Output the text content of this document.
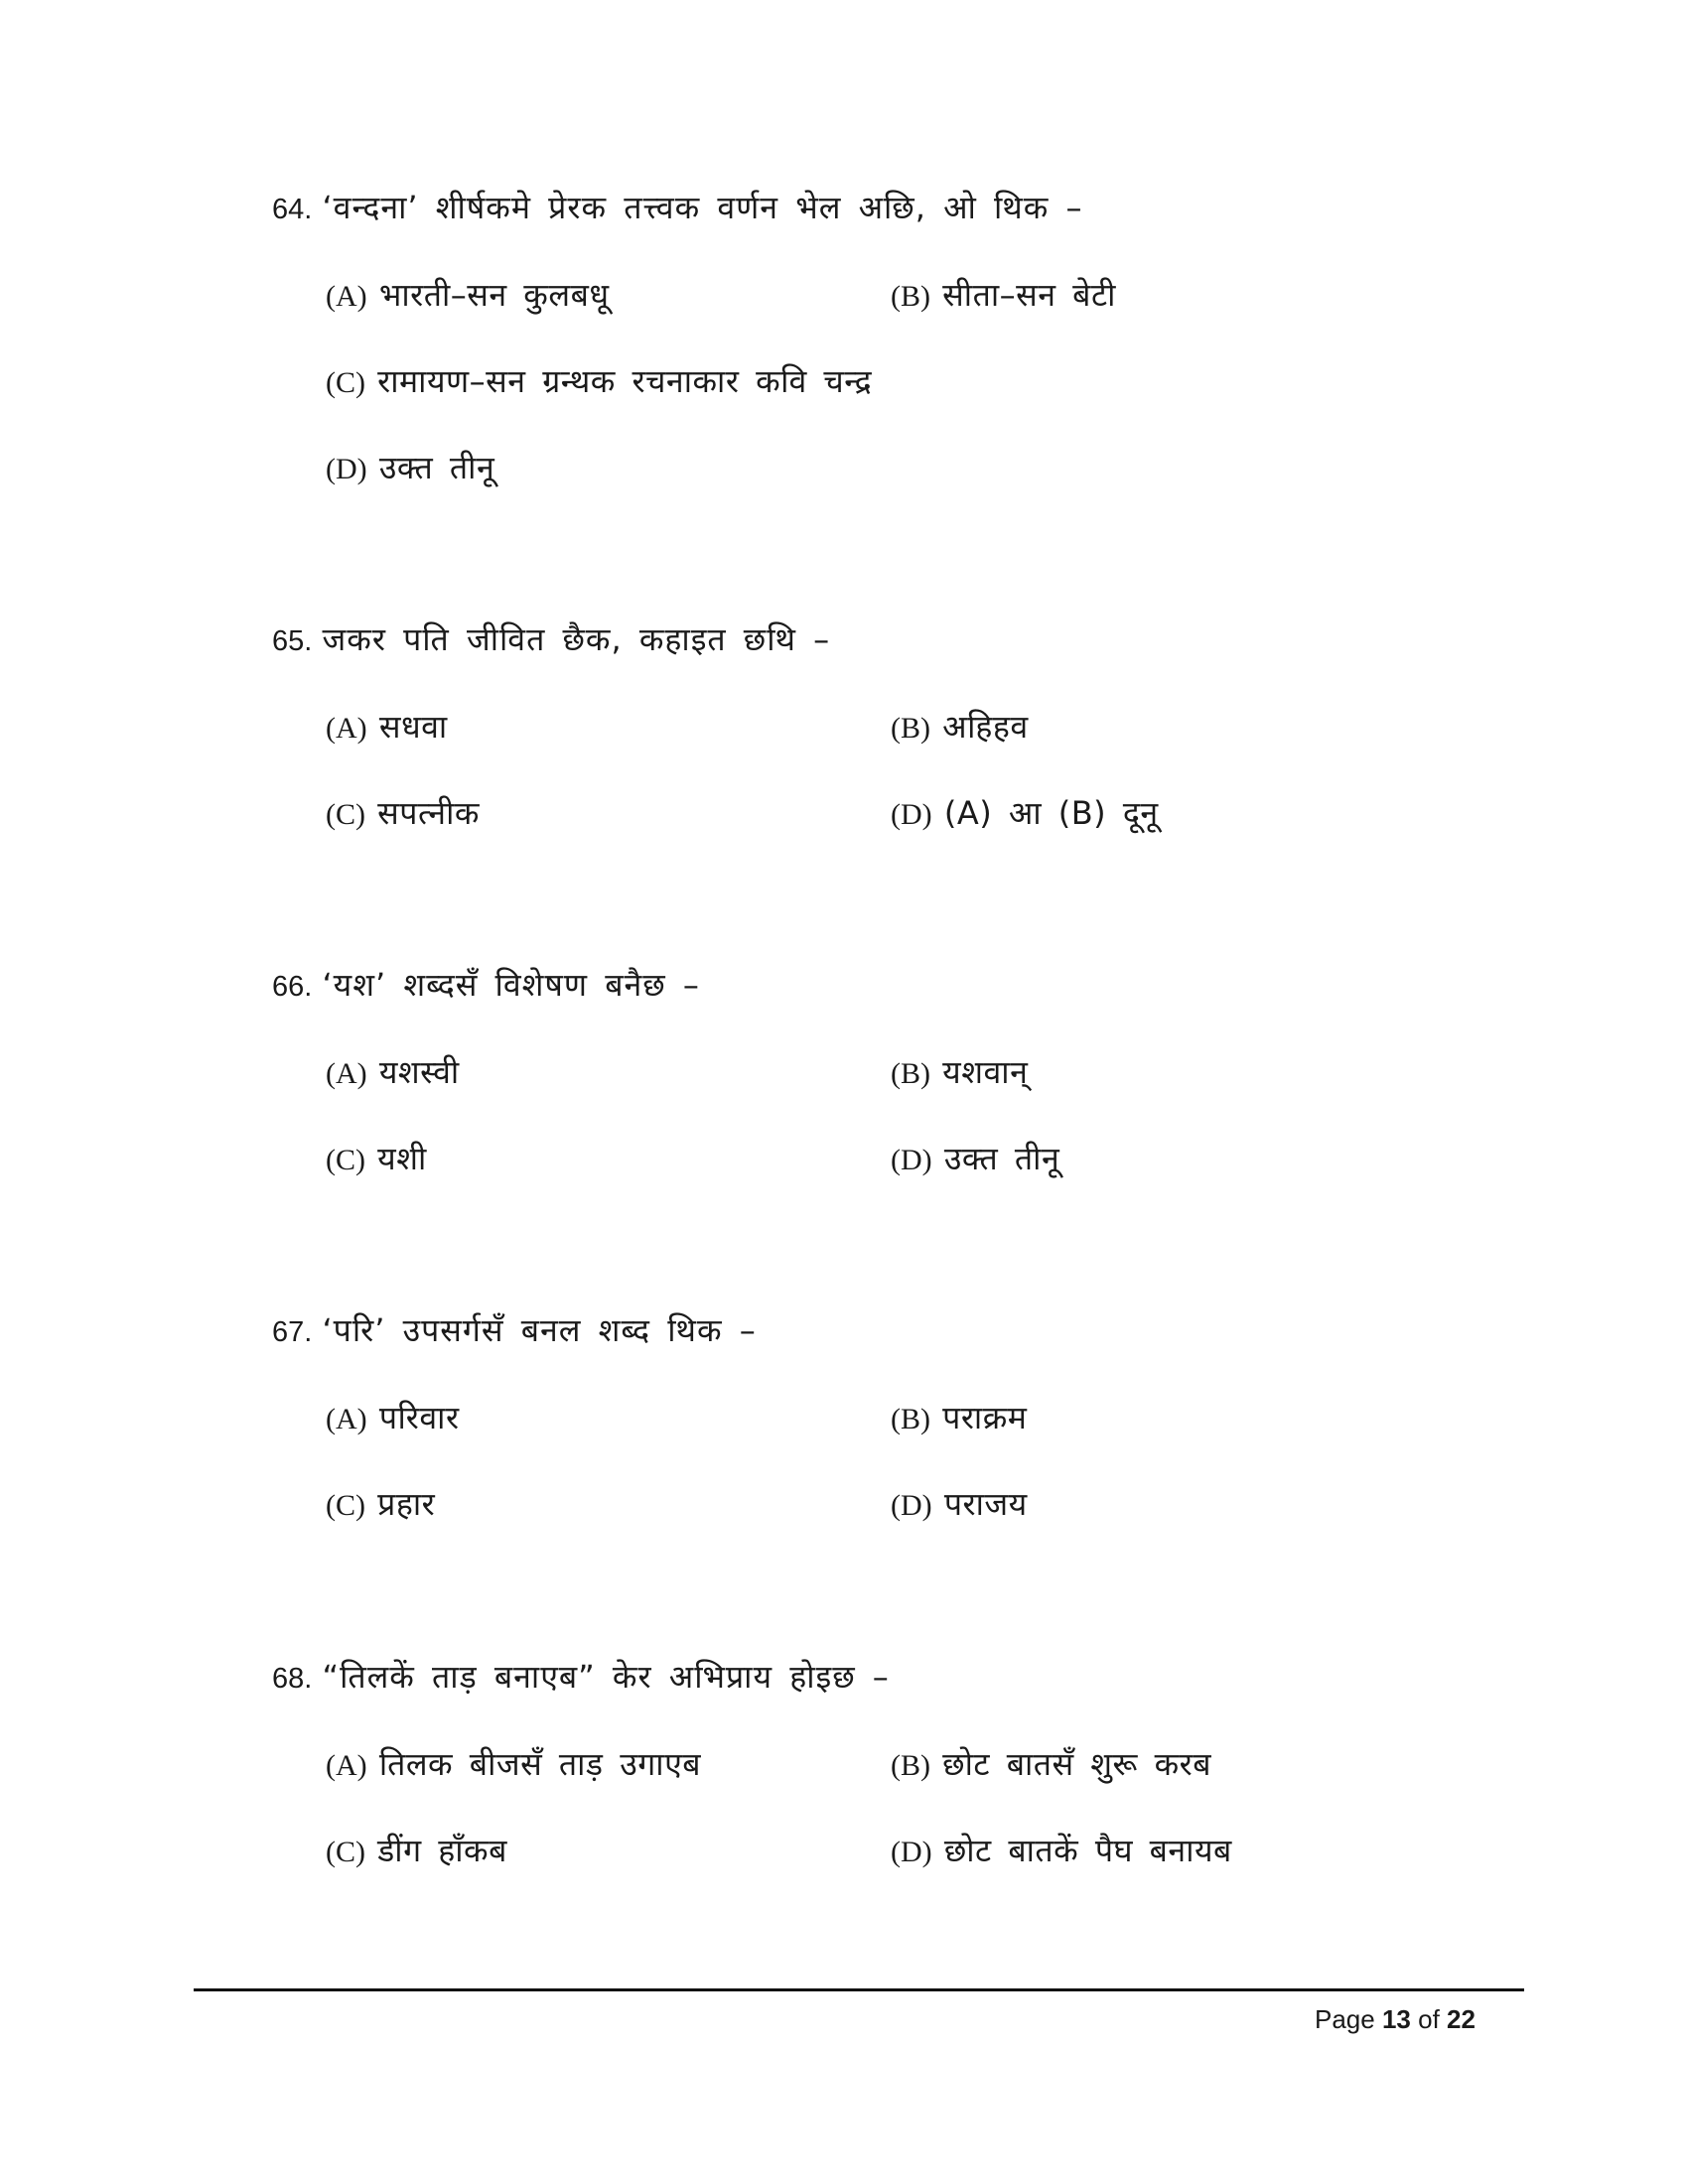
64. ‘वन्दना’ शीर्षकमे प्रेरक तत्त्वक वर्णन भेल अछि, ओ थिक –
(A) भारती–सन कुलबधू	(B) सीता–सन बेटी
(C) रामायण–सन ग्रन्थक रचनाकार कवि चन्द्र
(D) उक्त तीनू
65. जकर पति जीवित छैक, कहाइत छथि –
(A) सधवा	(B) अहिहव
(C) सपत्नीक	(D) (A) आ (B) दूनू
66. ‘यश’ शब्दसँ विशेषण बनैछ –
(A) यशस्वी	(B) यशवान्
(C) यशी	(D) उक्त तीनू
67. ‘परि’ उपसर्गसँ बनल शब्द थिक –
(A) परिवार	(B) पराक्रम
(C) प्रहार	(D) पराजय
68. “तिलकें ताड़ बनाएब” केर अभिप्राय होइछ –
(A) तिलक बीजसँ ताड़ उगाएब	(B) छोट बातसँ शुरू करब
(C) डींग हाँकब	(D) छोट बातकें पैघ बनायब
Page 13 of 22
